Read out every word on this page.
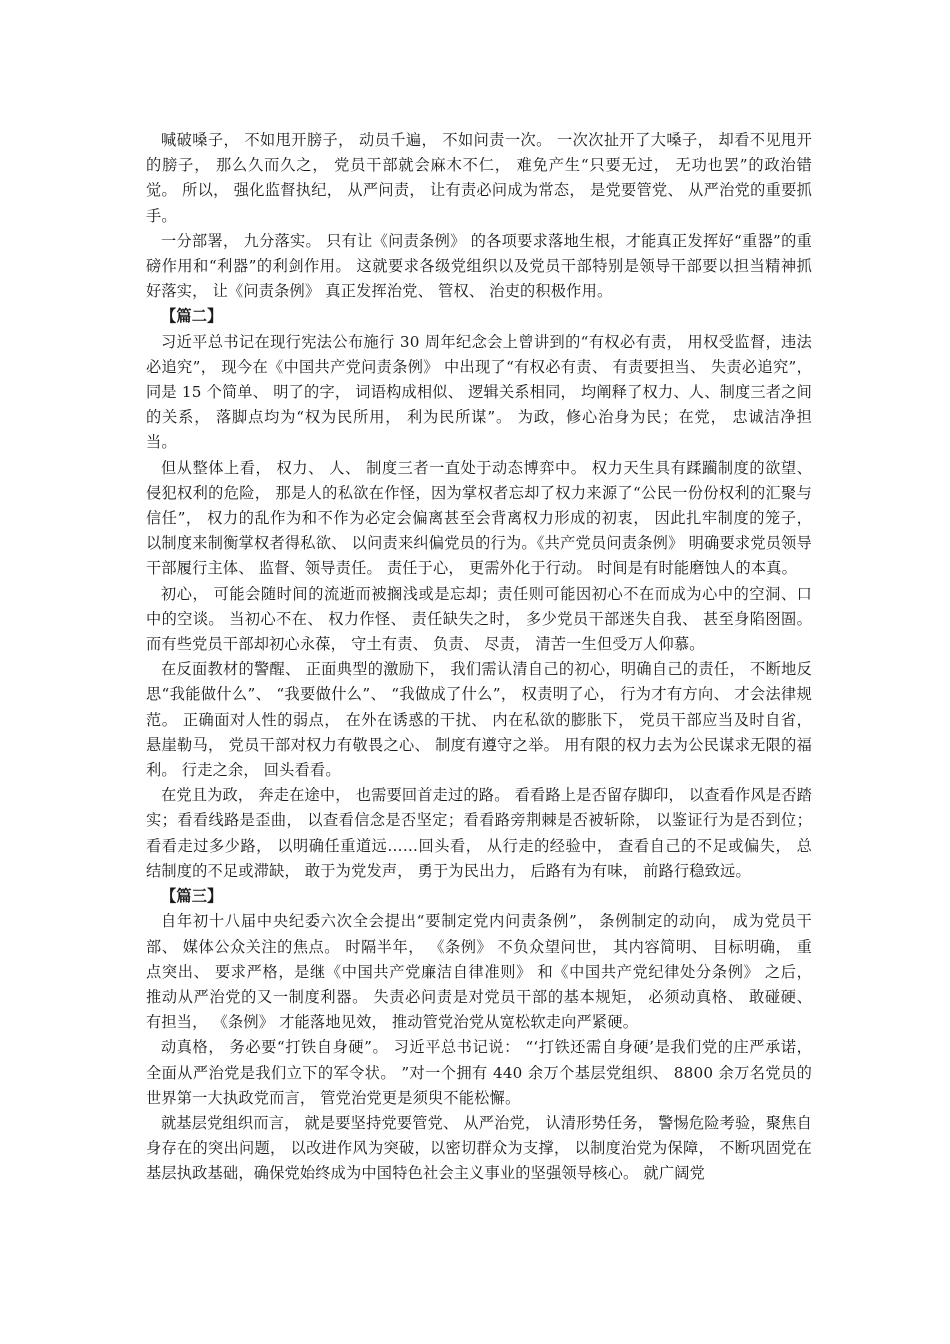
喊破嗓子， 不如甩开膀子， 动员千遍， 不如问责一次。 一次次扯开了大嗓子， 却看不见甩开的膀子， 那么久而久之， 党员干部就会麻木不仁， 难免产生“只要无过， 无功也罢”的政治错觉。 所以， 强化监督执纪， 从严问责， 让有责必问成为常态， 是党要管党、 从严治党的重要抓手。

一分部署， 九分落实。 只有让《问责条例》 的各项要求落地生根，才能真正发挥好“重器”的重磅作用和“利器”的利剑作用。 这就要求各级党组织以及党员干部特别是领导干部要以担当精神抓好落实， 让《问责条例》 真正发挥治党、 管权、 治吏的积极作用。

【篇二】

习近平总书记在现行宪法公布施行 30 周年纪念会上曾讲到的“有权必有责， 用权受监督，违法必追究”， 现今在《中国共产党问责条例》 中出现了“有权必有责、 有责要担当、 失责必追究”， 同是 15 个简单、 明了的字， 词语构成相似、 逻辑关系相同， 均阐释了权力、人、制度三者之间的关系， 落脚点均为“权为民所用， 利为民所谋”。 为政，修心治身为民；在党， 忠诚洁净担当。

但从整体上看， 权力、 人、 制度三者一直处于动态博弈中。 权力天生具有蹂躏制度的欲望、 侵犯权利的危险， 那是人的私欲在作怪，因为掌权者忘却了权力来源了“公民一份份权利的汇聚与信任”， 权力的乱作为和不作为必定会偏离甚至会背离权力形成的初衷， 因此扎牢制度的笼子， 以制度来制衡掌权者得私欲、 以问责来纠偏党员的行为。《共产党员问责条例》 明确要求党员领导干部履行主体、 监督、领导责任。 责任于心， 更需外化于行动。 时间是有时能磨蚀人的本真。

初心， 可能会随时间的流逝而被搁浅或是忘却；责任则可能因初心不在而成为心中的空洞、口中的空谈。 当初心不在、 权力作怪、 责任缺失之时， 多少党员干部迷失自我、 甚至身陷囹圄。 而有些党员干部却初心永葆， 守土有责、 负责、 尽责， 清苦一生但受万人仰慕。

在反面教材的警醒、 正面典型的激励下， 我们需认清自己的初心，明确自己的责任， 不断地反思“我能做什么”、 “我要做什么”、 “我做成了什么”， 权责明了心， 行为才有方向、 才会法律规范。 正确面对人性的弱点， 在外在诱惑的干扰、 内在私欲的膨胀下， 党员干部应当及时自省， 悬崖勒马， 党员干部对权力有敬畏之心、 制度有遵守之举。 用有限的权力去为公民谋求无限的福利。 行走之余， 回头看看。

在党且为政， 奔走在途中， 也需要回首走过的路。 看看路上是否留存脚印， 以查看作风是否踏实；看看线路是歪曲， 以查看信念是否坚定；看看路旁荆棘是否被斩除， 以鉴证行为是否到位；看看走过多少路， 以明确任重道远……回头看， 从行走的经验中， 查看自己的不足或偏失， 总结制度的不足或滞缺， 敢于为党发声， 勇于为民出力， 后路有为有味， 前路行稳致远。

【篇三】

自年初十八届中央纪委六次全会提出“要制定党内问责条例”， 条例制定的动向， 成为党员干部、 媒体公众关注的焦点。 时隔半年， 《条例》 不负众望问世， 其内容简明、 目标明确， 重点突出、 要求严格，是继《中国共产党廉洁自律准则》 和《中国共产党纪律处分条例》 之后， 推动从严治党的又一制度利器。 失责必问责是对党员干部的基本规矩， 必须动真格、 敢碰硬、 有担当， 《条例》 才能落地见效， 推动管党治党从宽松软走向严紧硬。

动真格， 务必要“打铁自身硬”。 习近平总书记说： “‘打铁还需自身硬’是我们党的庄严承诺， 全面从严治党是我们立下的军令状。 ”对一个拥有 440 余万个基层党组织、 8800 余万名党员的世界第一大执政党而言， 管党治党更是须臾不能松懈。

就基层党组织而言， 就是要坚持党要管党、 从严治党， 认清形势任务， 警惕危险考验，聚焦自身存在的突出问题， 以改进作风为突破，以密切群众为支撑， 以制度治党为保障， 不断巩固党在基层执政基础，确保党始终成为中国特色社会主义事业的坚强领导核心。 就广阔党
